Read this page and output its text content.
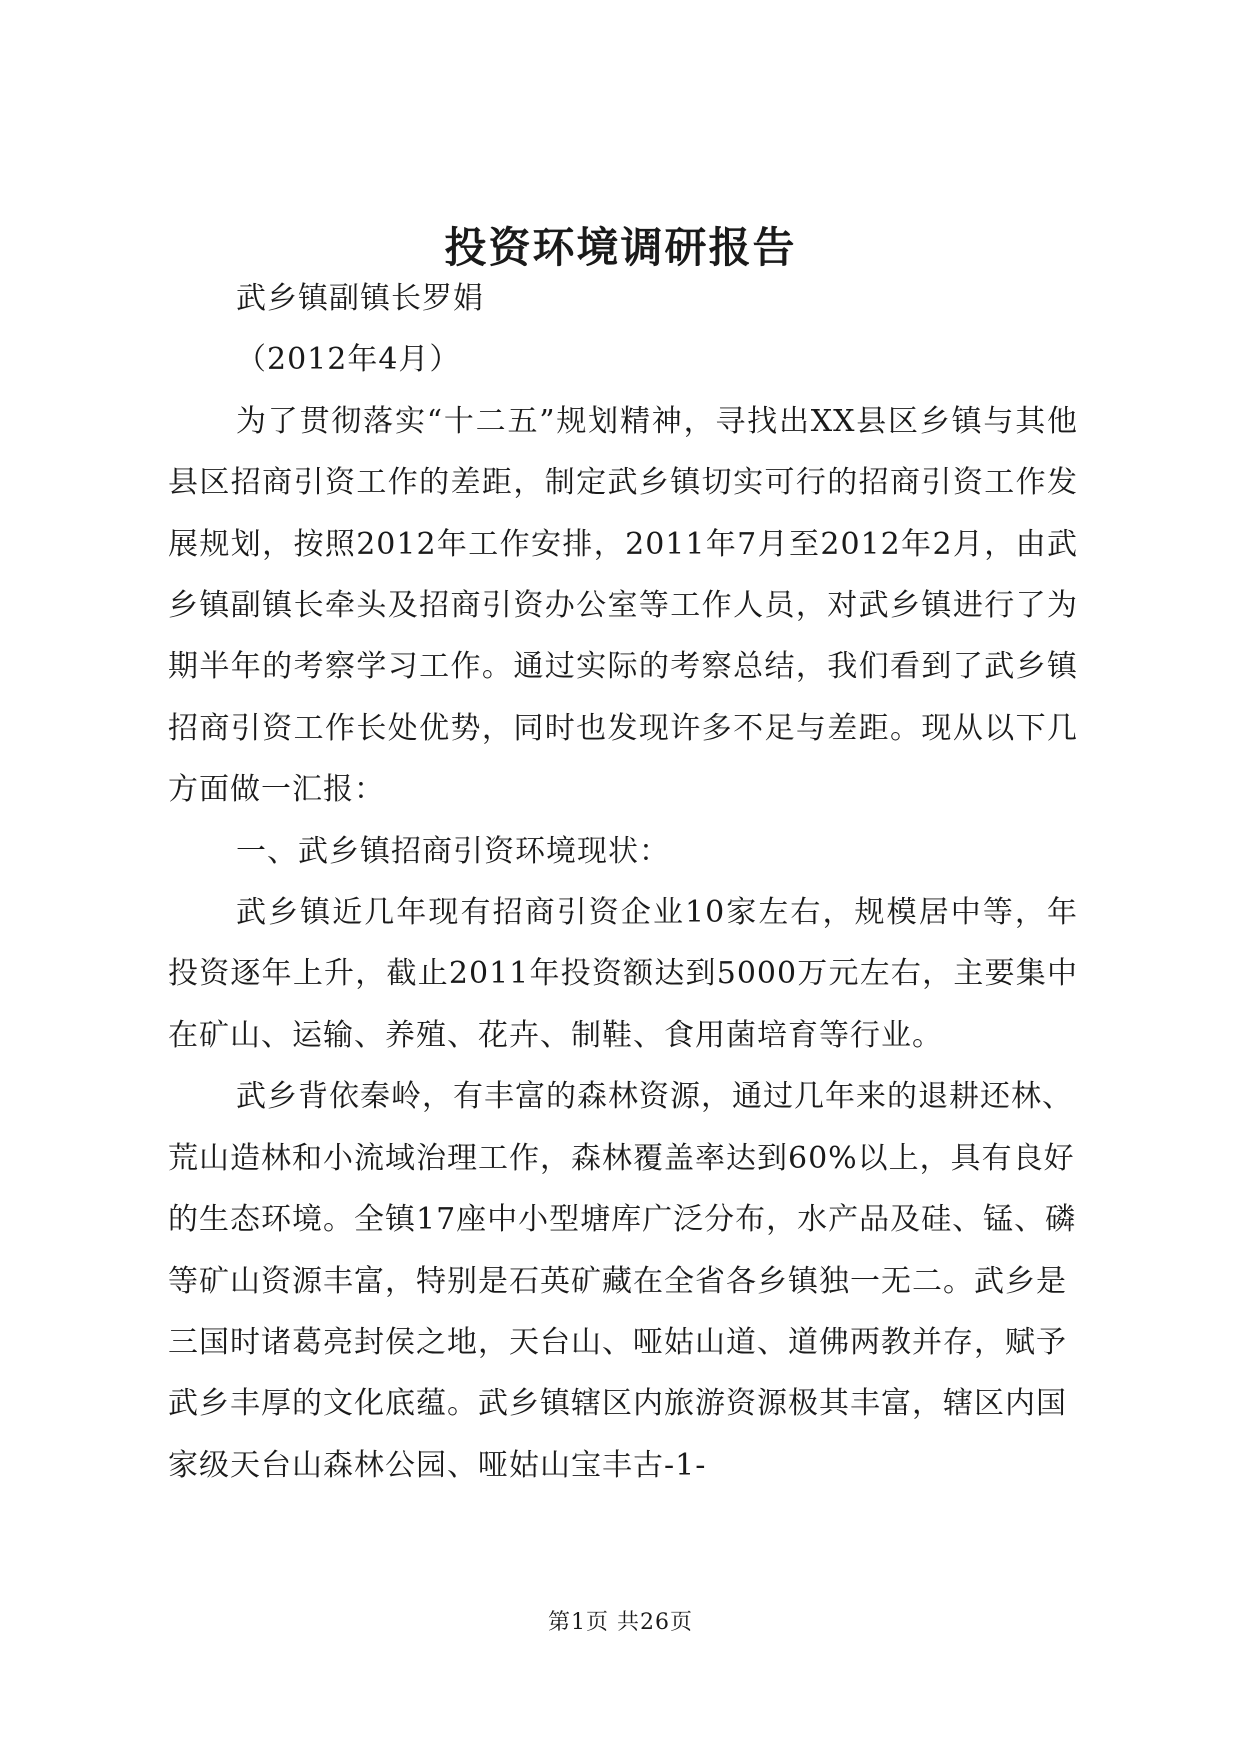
投资环境调研报告

武乡镇副镇长罗娟

（2012年4月）

为了贯彻落实“十二五”规划精神，寻找出XX县区乡镇与其他县区招商引资工作的差距，制定武乡镇切实可行的招商引资工作发展规划，按照2012年工作安排，2011年7月至2012年2月，由武乡镇副镇长牵头及招商引资办公室等工作人员，对武乡镇进行了为期半年的考察学习工作。通过实际的考察总结，我们看到了武乡镇招商引资工作长处优势，同时也发现许多不足与差距。现从以下几方面做一汇报：

一、武乡镇招商引资环境现状：

武乡镇近几年现有招商引资企业10家左右，规模居中等，年投资逐年上升，截止2011年投资额达到5000万元左右，主要集中在矿山、运输、养殖、花卉、制鞋、食用菌培育等行业。

武乡背依秦岭，有丰富的森林资源，通过几年来的退耕还林、荒山造林和小流域治理工作，森林覆盖率达到60%以上，具有良好的生态环境。全镇17座中小型塘库广泛分布，水产品及硅、锰、磷等矿山资源丰富，特别是石英矿藏在全省各乡镇独一无二。武乡是三国时诸葛亮封侯之地，天台山、哑姑山道、道佛两教并存，赋予武乡丰厚的文化底蕴。武乡镇辖区内旅游资源极其丰富，辖区内国家级天台山森林公园、哑姑山宝丰古-1-

第1页 共26页
